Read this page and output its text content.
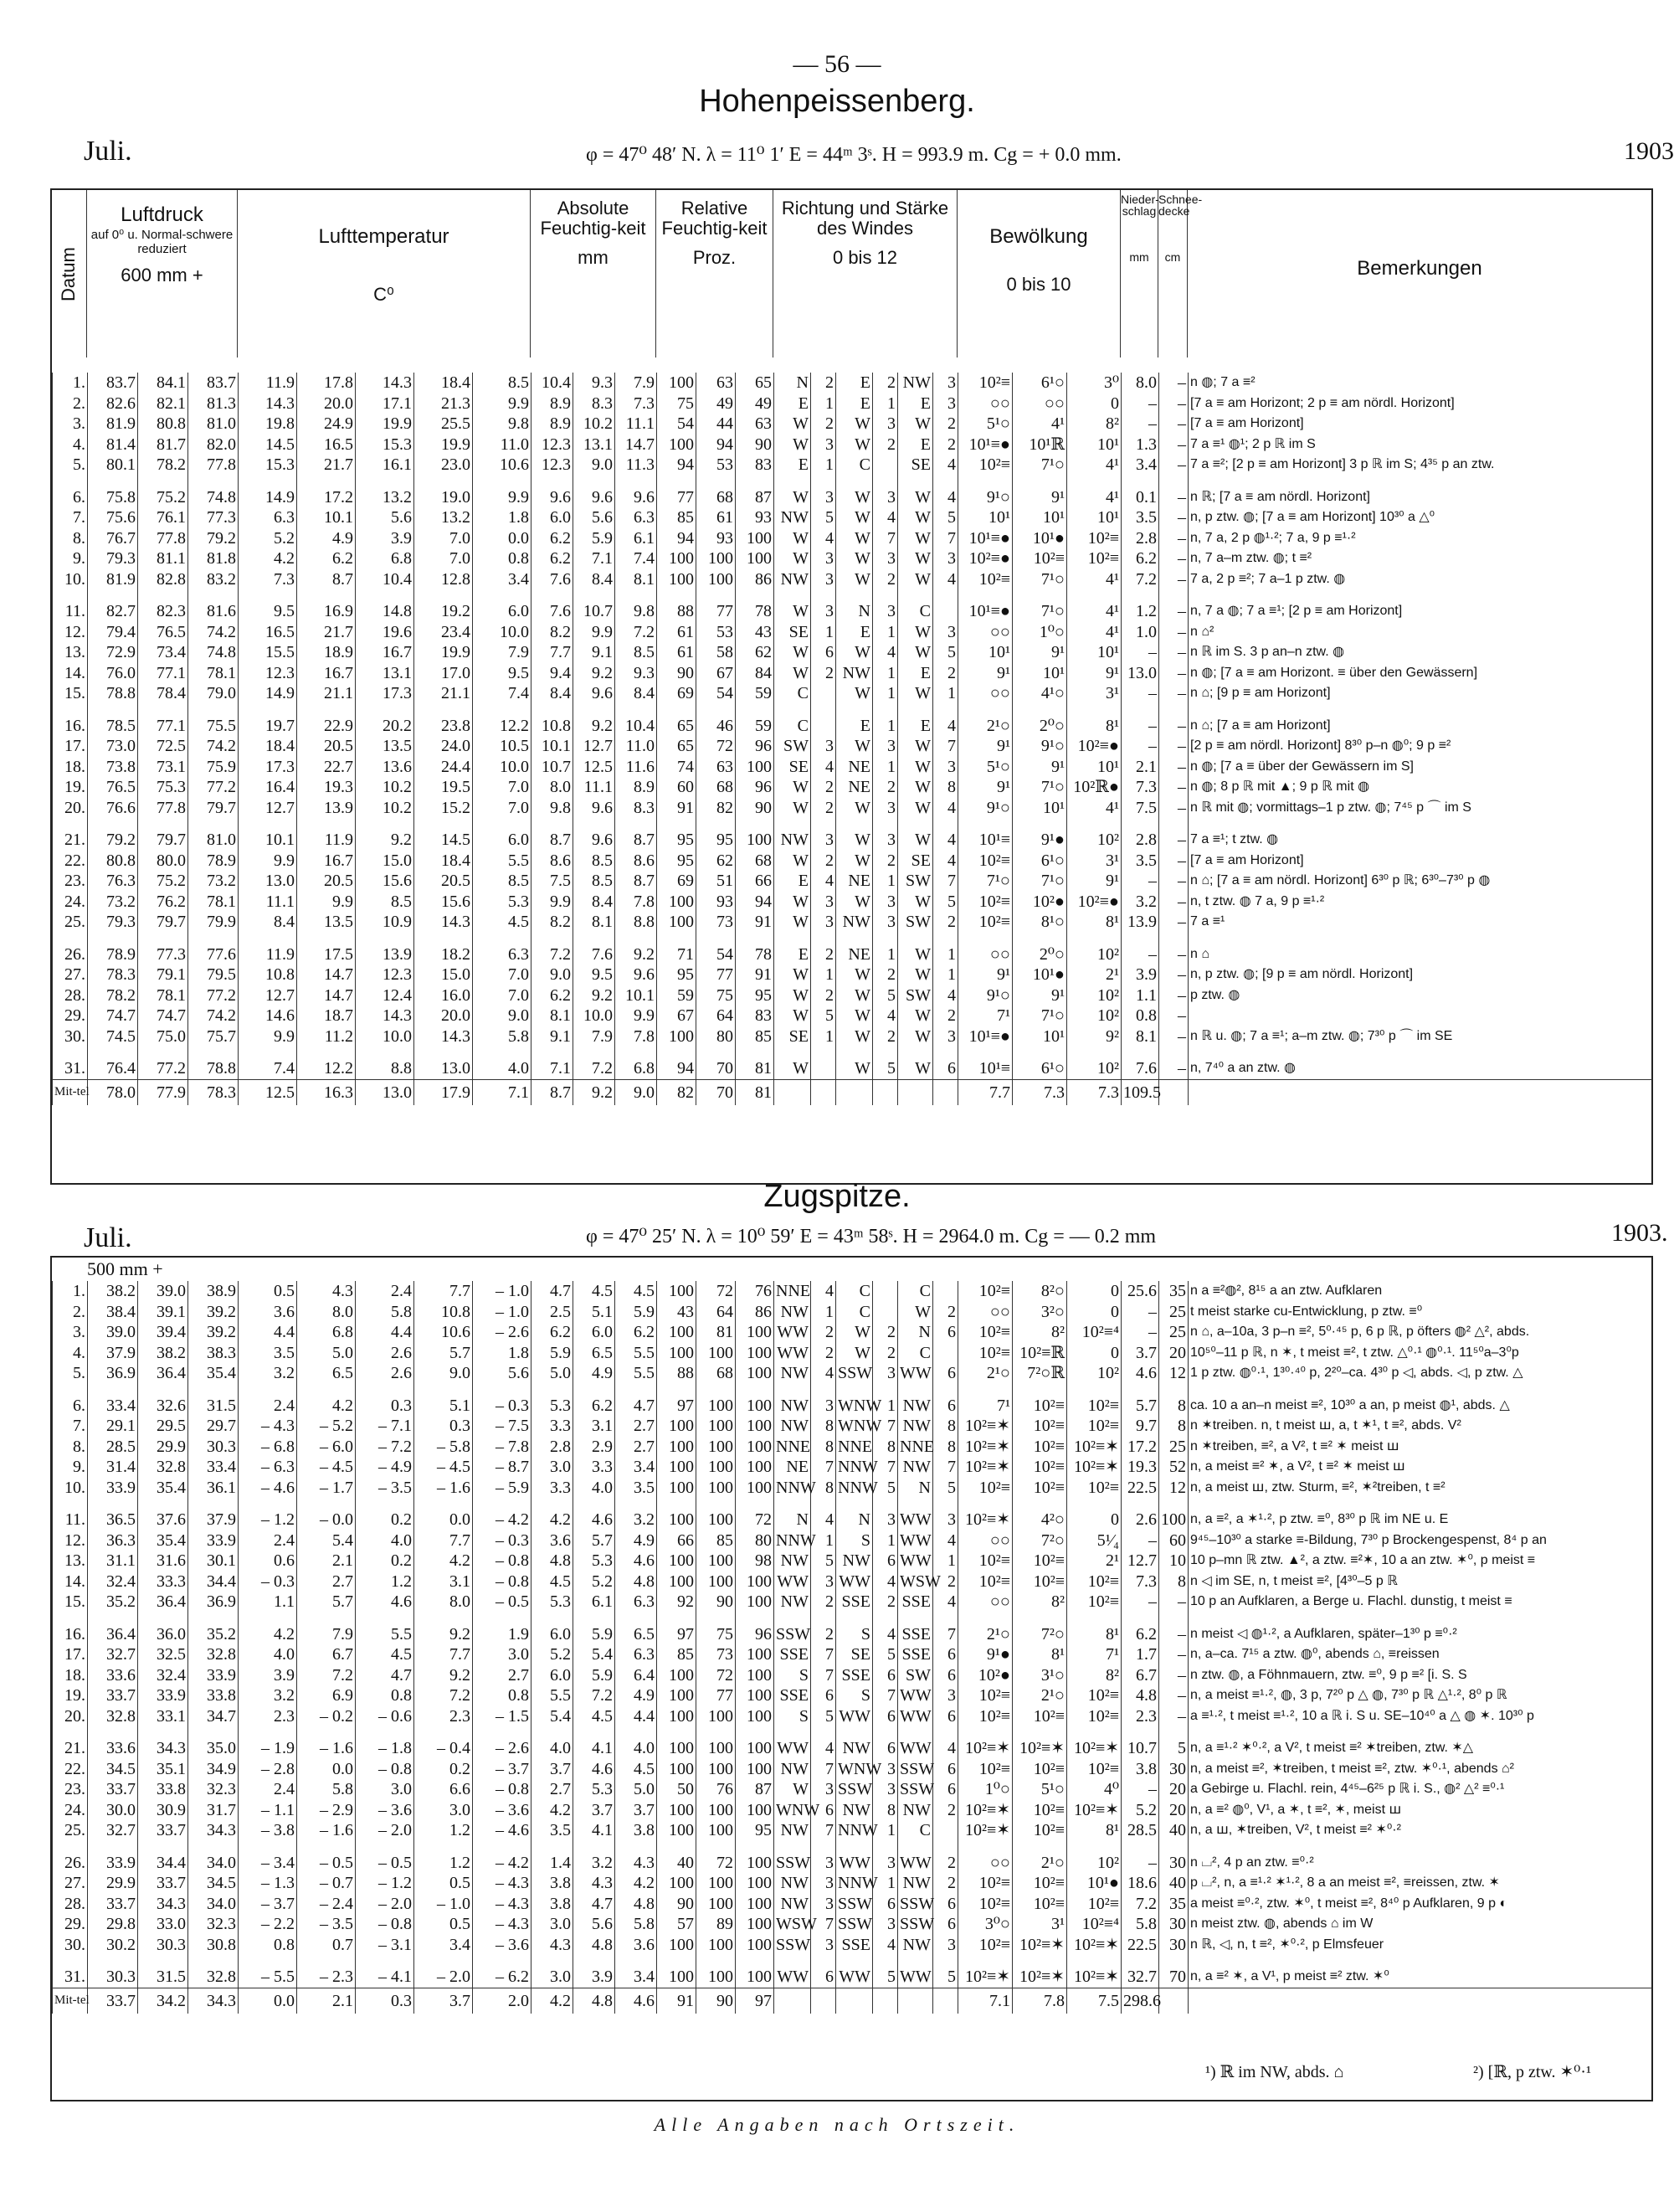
— 56 —
Hohenpeissenberg.
Juli.	φ = 47⁰ 48′ N. λ = 11⁰ 1′ E = 44ᵐ 3ˢ. H = 993.9 m. Cg = + 0.0 mm.	1903
Datum
Luftdruck
auf 0⁰ u. Normal-schwere reduziert
600 mm +
Lufttemperatur
C⁰
Absolute Feuchtig-keit
mm
Relative Feuchtig-keit
Proz.
Richtung und Stärke des Windes
0 bis 12
Bewölkung
0 bis 10
Nieder-schlag
mm
Schnee-decke
cm	Bemerkungen
1.	83.7	84.1	83.7	11.9	17.8	14.3	18.4	8.5	10.4	9.3	7.9	100	63	65	N	2	E	2	NW	3	10²≡	6¹○	3⁰	8.0	–	n ◍; 7 a ≡²
2.	82.6	82.1	81.3	14.3	20.0	17.1	21.3	9.9	8.9	8.3	7.3	75	49	49	E	1	E	1	E	3	○○	○○	0	–	–	[7 a ≡ am Horizont; 2 p ≡ am nördl. Horizont]
3.	81.9	80.8	81.0	19.8	24.9	19.9	25.5	9.8	8.9	10.2	11.1	54	44	63	W	2	W	3	W	2	5¹○	4¹	8²	–	–	[7 a ≡ am Horizont]
4.	81.4	81.7	82.0	14.5	16.5	15.3	19.9	11.0	12.3	13.1	14.7	100	94	90	W	3	W	2	E	2	10¹≡●	10¹ℝ	10¹	1.3	–	7 a ≡¹ ◍¹; 2 p ℝ im S
5.	80.1	78.2	77.8	15.3	21.7	16.1	23.0	10.6	12.3	9.0	11.3	94	53	83	E	1	C		SE	4	10²≡	7¹○	4¹	3.4	–	7 a ≡²; [2 p ≡ am Horizont] 3 p ℝ im S; 4³⁵ p an ztw.

6.	75.8	75.2	74.8	14.9	17.2	13.2	19.0	9.9	9.6	9.6	9.6	77	68	87	W	3	W	3	W	4	9¹○	9¹	4¹	0.1	–	n ℝ; [7 a ≡ am nördl. Horizont]
7.	75.6	76.1	77.3	6.3	10.1	5.6	13.2	1.8	6.0	5.6	6.3	85	61	93	NW	5	W	4	W	5	10¹	10¹	10¹	3.5	–	n, p ztw. ◍; [7 a ≡ am Horizont] 10³⁰ a △⁰
8.	76.7	77.8	79.2	5.2	4.9	3.9	7.0	0.0	6.2	5.9	6.1	94	93	100	W	4	W	7	W	7	10¹≡●	10¹●	10²≡	2.8	–	n, 7 a, 2 p ◍¹·²; 7 a, 9 p ≡¹·²
9.	79.3	81.1	81.8	4.2	6.2	6.8	7.0	0.8	6.2	7.1	7.4	100	100	100	W	3	W	3	W	3	10²≡●	10²≡	10²≡	6.2	–	n, 7 a–m ztw. ◍; t ≡²
10.	81.9	82.8	83.2	7.3	8.7	10.4	12.8	3.4	7.6	8.4	8.1	100	100	86	NW	3	W	2	W	4	10²≡	7¹○	4¹	7.2	–	7 a, 2 p ≡²; 7 a–1 p ztw. ◍

11.	82.7	82.3	81.6	9.5	16.9	14.8	19.2	6.0	7.6	10.7	9.8	88	77	78	W	3	N	3	C		10¹≡●	7¹○	4¹	1.2	–	n, 7 a ◍; 7 a ≡¹; [2 p ≡ am Horizont]
12.	79.4	76.5	74.2	16.5	21.7	19.6	23.4	10.0	8.2	9.9	7.2	61	53	43	SE	1	E	1	W	3	○○	1⁰○	4¹	1.0	–	n ⌂²
13.	72.9	73.4	74.8	15.5	18.9	16.7	19.9	7.9	7.7	9.1	8.5	61	58	62	W	6	W	4	W	5	10¹	9¹	10¹	–	–	n ℝ im S. 3 p an–n ztw. ◍
14.	76.0	77.1	78.1	12.3	16.7	13.1	17.0	9.5	9.4	9.2	9.3	90	67	84	W	2	NW	1	E	2	9¹	10¹	9¹	13.0	–	n ◍; [7 a ≡ am Horizont. ≡ über den Gewässern]
15.	78.8	78.4	79.0	14.9	21.1	17.3	21.1	7.4	8.4	9.6	8.4	69	54	59	C		W	1	W	1	○○	4¹○	3¹	–	–	n ⌂; [9 p ≡ am Horizont]

16.	78.5	77.1	75.5	19.7	22.9	20.2	23.8	12.2	10.8	9.2	10.4	65	46	59	C		E	1	E	4	2¹○	2⁰○	8¹	–	–	n ⌂; [7 a ≡ am Horizont]
17.	73.0	72.5	74.2	18.4	20.5	13.5	24.0	10.5	10.1	12.7	11.0	65	72	96	SW	3	W	3	W	7	9¹	9¹○	10²≡●	–	–	[2 p ≡ am nördl. Horizont] 8³⁰ p–n ◍⁰; 9 p ≡²
18.	73.8	73.1	75.9	17.3	22.7	13.6	24.4	10.0	10.7	12.5	11.6	74	63	100	SE	4	NE	1	W	3	5¹○	9¹	10¹	2.1	–	n ◍; [7 a ≡ über der Gewässern im S]
19.	76.5	75.3	77.2	16.4	19.3	10.2	19.5	7.0	8.0	11.1	8.9	60	68	96	W	2	NE	2	W	8	9¹	7¹○	10²ℝ●	7.3	–	n ◍; 8 p ℝ mit ▲; 9 p ℝ mit ◍
20.	76.6	77.8	79.7	12.7	13.9	10.2	15.2	7.0	9.8	9.6	8.3	91	82	90	W	2	W	3	W	4	9¹○	10¹	4¹	7.5	–	n ℝ mit ◍; vormittags–1 p ztw. ◍; 7⁴⁵ p ⌒ im S

21.	79.2	79.7	81.0	10.1	11.9	9.2	14.5	6.0	8.7	9.6	8.7	95	95	100	NW	3	W	3	W	4	10¹≡	9¹●	10²	2.8	–	7 a ≡¹; t ztw. ◍
22.	80.8	80.0	78.9	9.9	16.7	15.0	18.4	5.5	8.6	8.5	8.6	95	62	68	W	2	W	2	SE	4	10²≡	6¹○	3¹	3.5	–	[7 a ≡ am Horizont]
23.	76.3	75.2	73.2	13.0	20.5	15.6	20.5	8.5	7.5	8.5	8.7	69	51	66	E	4	NE	1	SW	7	7¹○	7¹○	9¹	–	–	n ⌂; [7 a ≡ am nördl. Horizont] 6³⁰ p ℝ; 6³⁰–7³⁰ p ◍
24.	73.2	76.2	78.1	11.1	9.9	8.5	15.6	5.3	9.9	8.4	7.8	100	93	94	W	3	W	3	W	5	10²≡	10²●	10²≡●	3.2	–	n, t ztw. ◍ 7 a, 9 p ≡¹·²
25.	79.3	79.7	79.9	8.4	13.5	10.9	14.3	4.5	8.2	8.1	8.8	100	73	91	W	3	NW	3	SW	2	10²≡	8¹○	8¹	13.9	–	7 a ≡¹

26.	78.9	77.3	77.6	11.9	17.5	13.9	18.2	6.3	7.2	7.6	9.2	71	54	78	E	2	NE	1	W	1	○○	2⁰○	10²	–	–	n ⌂
27.	78.3	79.1	79.5	10.8	14.7	12.3	15.0	7.0	9.0	9.5	9.6	95	77	91	W	1	W	2	W	1	9¹	10¹●	2¹	3.9	–	n, p ztw. ◍; [9 p ≡ am nördl. Horizont]
28.	78.2	78.1	77.2	12.7	14.7	12.4	16.0	7.0	6.2	9.2	10.1	59	75	95	W	2	W	5	SW	4	9¹○	9¹	10²	1.1	–	p ztw. ◍
29.	74.7	74.7	74.2	14.6	18.7	14.3	20.0	9.0	8.1	10.0	9.9	67	64	83	W	5	W	4	W	2	7¹	7¹○	10²	0.8	–	
30.	74.5	75.0	75.7	9.9	11.2	10.0	14.3	5.8	9.1	7.9	7.8	100	80	85	SE	1	W	2	W	3	10¹≡●	10¹	9²	8.1	–	n ℝ u. ◍; 7 a ≡¹; a–m ztw. ◍; 7³⁰ p ⌒ im SE

31.	76.4	77.2	78.8	7.4	12.2	8.8	13.0	4.0	7.1	7.2	6.8	94	70	81	W		W	5	W	6	10¹≡	6¹○	10²	7.6	–	n, 7⁴⁰ a an ztw. ◍
Mit-tel	78.0	77.9	78.3	12.5	16.3	13.0	17.9	7.1	8.7	9.2	9.0	82	70	81							7.7	7.3	7.3	109.5		
Zugspitze.
Juli.	φ = 47⁰ 25′ N. λ = 10⁰ 59′ E = 43ᵐ 58ˢ. H = 2964.0 m. Cg = — 0.2 mm	1903.
500 mm +
1.	38.2	39.0	38.9	0.5	4.3	2.4	7.7	– 1.0	4.7	4.5	4.5	100	72	76	NNE	4	C		C		10²≡	8²○	0	25.6	35	n a ≡²◍², 8¹⁵ a an ztw. Aufklaren
2.	38.4	39.1	39.2	3.6	8.0	5.8	10.8	– 1.0	2.5	5.1	5.9	43	64	86	NW	1	C		W	2	○○	3²○	0	–	25	t meist starke cu-Entwicklung, p ztw. ≡⁰
3.	39.0	39.4	39.2	4.4	6.8	4.4	10.6	– 2.6	6.2	6.0	6.2	100	81	100	WW	2	W	2	N	6	10²≡	8²	10²≡⁴	–	25	n ⌂, a–10a, 3 p–n ≡², 5⁰·⁴⁵ p, 6 p ℝ, p öfters ◍² △², abds.
4.	37.9	38.2	38.3	3.5	5.0	2.6	5.7	1.8	5.9	6.5	5.5	100	100	100	WW	2	W	2	C		10²≡	10²≡ℝ	0	3.7	20	10⁵⁰–11 p ℝ, n ✶, t meist ≡², t ztw. △⁰·¹ ◍⁰·¹. 11⁵⁰a–3⁰p
5.	36.9	36.4	35.4	3.2	6.5	2.6	9.0	5.6	5.0	4.9	5.5	88	68	100	NW	4	SSW	3	WW	6	2¹○	7²○ℝ	10²	4.6	12	1 p ztw. ◍⁰·¹, 1³⁰·⁴⁰ p, 2²⁰–ca. 4³⁰ p ◁, abds. ◁, p ztw. △

6.	33.4	32.6	31.5	2.4	4.2	0.3	5.1	– 0.3	5.3	6.2	4.7	97	100	100	NW	3	WNW	1	NW	6	7¹	10²≡	10²≡	5.7	8	ca. 10 a an–n meist ≡², 10³⁰ a an, p meist ◍¹, abds. △
7.	29.1	29.5	29.7	– 4.3	– 5.2	– 7.1	0.3	– 7.5	3.3	3.1	2.7	100	100	100	NW	8	WNW	7	NW	8	10²≡✶	10²≡	10²≡	9.7	8	n ✶treiben. n, t meist ꟺ, a, t ✶¹, t ≡², abds. V²
8.	28.5	29.9	30.3	– 6.8	– 6.0	– 7.2	– 5.8	– 7.8	2.8	2.9	2.7	100	100	100	NNE	8	NNE	8	NNE	8	10²≡✶	10²≡	10²≡✶	17.2	25	n ✶treiben, ≡², a V², t ≡² ✶ meist ꟺ
9.	31.4	32.8	33.4	– 6.3	– 4.5	– 4.9	– 4.5	– 8.7	3.0	3.3	3.4	100	100	100	NE	7	NNW	7	NW	7	10²≡✶	10²≡	10²≡✶	19.3	52	n, a meist ≡² ✶, a V², t ≡² ✶ meist ꟺ
10.	33.9	35.4	36.1	– 4.6	– 1.7	– 3.5	– 1.6	– 5.9	3.3	4.0	3.5	100	100	100	NNW	8	NNW	5	N	5	10²≡	10²≡	10²≡	22.5	12	n, a meist ꟺ, ztw. Sturm, ≡², ✶²treiben, t ≡²

11.	36.5	37.6	37.9	– 1.2	– 0.0	0.2	0.0	– 4.2	4.2	4.6	3.2	100	100	72	N	4	N	3	WW	3	10²≡✶	4²○	0	2.6	100	n, a ≡², a ✶¹·², p ztw. ≡⁰, 8³⁰ p ℝ im NE u. E
12.	36.3	35.4	33.9	2.4	5.4	4.0	7.7	– 0.3	3.6	5.7	4.9	66	85	80	NNW	1	S	1	WW	4	○○	7²○	5¹⁄₄	–	60	9⁴⁵–10³⁰ a starke ≡-Bildung, 7³⁰ p Brockengespenst, 8⁴ p an
13.	31.1	31.6	30.1	0.6	2.1	0.2	4.2	– 0.8	4.8	5.3	4.6	100	100	98	NW	5	NW	6	WW	1	10²≡	10²≡	2¹	12.7	10	10 p–mn ℝ ztw. ▲², a ztw. ≡²✶, 10 a an ztw. ✶⁰, p meist ≡
14.	32.4	33.3	34.4	– 0.3	2.7	1.2	3.1	– 0.8	4.5	5.2	4.8	100	100	100	WW	3	WW	4	WSW	2	10²≡	10²≡	10²≡	7.3	8	n ◁ im SE, n, t meist ≡², [4³⁰–5 p ℝ
15.	35.2	36.4	36.9	1.1	5.7	4.6	8.0	– 0.5	5.3	6.1	6.3	92	90	100	NW	2	SSE	2	SSE	4	○○	8²	10²≡	–	–	10 p an Aufklaren, a Berge u. Flachl. dunstig, t meist ≡

16.	36.4	36.0	35.2	4.2	7.9	5.5	9.2	1.9	6.0	5.9	6.5	97	75	96	SSW	2	S	4	SSE	7	2¹○	7²○	8¹	6.2	–	n meist ◁ ◍¹·², a Aufklaren, später–1³⁰ p ≡⁰·²
17.	32.7	32.5	32.8	4.0	6.7	4.5	7.7	3.0	5.2	5.4	6.3	85	73	100	SSE	7	SE	5	SSE	6	9¹●	8¹	7¹	1.7	–	n, a–ca. 7¹⁵ a ztw. ◍⁰, abends ⌂, ≡reissen
18.	33.6	32.4	33.9	3.9	7.2	4.7	9.2	2.7	6.0	5.9	6.4	100	72	100	S	7	SSE	6	SW	6	10²●	3¹○	8²	6.7	–	n ztw. ◍, a Föhnmauern, ztw. ≡⁰, 9 p ≡² [i. S. S
19.	33.7	33.9	33.8	3.2	6.9	0.8	7.2	0.8	5.5	7.2	4.9	100	77	100	SSE	6	S	7	WW	3	10²≡	2¹○	10²≡	4.8	–	n, a meist ≡¹·², ◍, 3 p, 7²⁰ p △ ◍, 7³⁰ p ℝ △¹·², 8⁰ p ℝ
20.	32.8	33.1	34.7	2.3	– 0.2	– 0.6	2.3	– 1.5	5.4	4.5	4.4	100	100	100	S	5	WW	6	WW	6	10²≡	10²≡	10²≡	2.3	–	a ≡¹·², t meist ≡¹·², 10 a ℝ i. S u. SE–10⁴⁰ a △ ◍ ✶. 10³⁰ p

21.	33.6	34.3	35.0	– 1.9	– 1.6	– 1.8	– 0.4	– 2.6	4.0	4.1	4.0	100	100	100	WW	4	NW	6	WW	4	10²≡✶	10²≡✶	10²≡✶	10.7	5	n, a ≡¹·² ✶⁰·², a V², t meist ≡² ✶treiben, ztw. ✶△
22.	34.5	35.1	34.9	– 2.8	0.0	– 0.8	0.2	– 3.7	3.7	4.6	4.5	100	100	100	NW	7	WNW	3	SSW	6	10²≡	10²≡	10²≡	3.8	30	n, a meist ≡², ✶treiben, t meist ≡², ztw. ✶⁰·¹, abends ⌂²
23.	33.7	33.8	32.3	2.4	5.8	3.0	6.6	– 0.8	2.7	5.3	5.0	50	76	87	W	3	SSW	3	SSW	6	1⁰○	5¹○	4⁰	–	20	a Gebirge u. Flachl. rein, 4⁴⁵–6²⁵ p ℝ i. S., ◍² △² ≡⁰·¹
24.	30.0	30.9	31.7	– 1.1	– 2.9	– 3.6	3.0	– 3.6	4.2	3.7	3.7	100	100	100	WNW	6	NW	8	NW	2	10²≡✶	10²≡	10²≡✶	5.2	20	n, a ≡² ◍⁰, V¹, a ✶, t ≡², ✶, meist ꟺ
25.	32.7	33.7	34.3	– 3.8	– 1.6	– 2.0	1.2	– 4.6	3.5	4.1	3.8	100	100	95	NW	7	NNW	1	C		10²≡✶	10²≡	8¹	28.5	40	n, a ꟺ, ✶treiben, V², t meist ≡² ✶⁰·²

26.	33.9	34.4	34.0	– 3.4	– 0.5	– 0.5	1.2	– 4.2	1.4	3.2	4.3	40	72	100	SSW	3	WW	3	WW	2	○○	2¹○	10²	–	30	n ⌴², 4 p an ztw. ≡⁰·²
27.	29.9	33.7	34.5	– 1.3	– 0.7	– 1.2	0.5	– 4.3	3.8	4.3	4.2	100	100	100	NW	3	NNW	1	NW	2	10²≡	10²≡	10¹●	18.6	40	p ⌴², n, a ≡¹·² ✶¹·², 8 a an meist ≡², ≡reissen, ztw. ✶
28.	33.7	34.3	34.0	– 3.7	– 2.4	– 2.0	– 1.0	– 4.3	3.8	4.7	4.8	90	100	100	NW	3	SSW	6	SSW	6	10²≡	10²≡	10²≡	7.2	35	a meist ≡⁰·², ztw. ✶⁰, t meist ≡², 8⁴⁰ p Aufklaren, 9 p ◐
29.	29.8	33.0	32.3	– 2.2	– 3.5	– 0.8	0.5	– 4.3	3.0	5.6	5.8	57	89	100	WSW	7	SSW	3	SSW	6	3⁰○	3¹	10²≡⁴	5.8	30	n meist ztw. ◍, abends ⌂ im W
30.	30.2	30.3	30.8	0.8	0.7	– 3.1	3.4	– 3.6	4.3	4.8	3.6	100	100	100	SSW	3	SSE	4	NW	3	10²≡	10²≡✶	10²≡✶	22.5	30	n ℝ, ◁, n, t ≡², ✶⁰·², p Elmsfeuer

31.	30.3	31.5	32.8	– 5.5	– 2.3	– 4.1	– 2.0	– 6.2	3.0	3.9	3.4	100	100	100	WW	6	WW	5	WW	5	10²≡✶	10²≡✶	10²≡✶	32.7	70	n, a ≡² ✶, a V¹, p meist ≡² ztw. ✶⁰
Mit-tel	33.7	34.2	34.3	0.0	2.1	0.3	3.7	2.0	4.2	4.8	4.6	91	90	97							7.1	7.8	7.5	298.6		
¹) ℝ im NW, abds. ⌂	²) [ℝ, p ztw. ✶⁰·¹
Alle Angaben nach Ortszeit.
